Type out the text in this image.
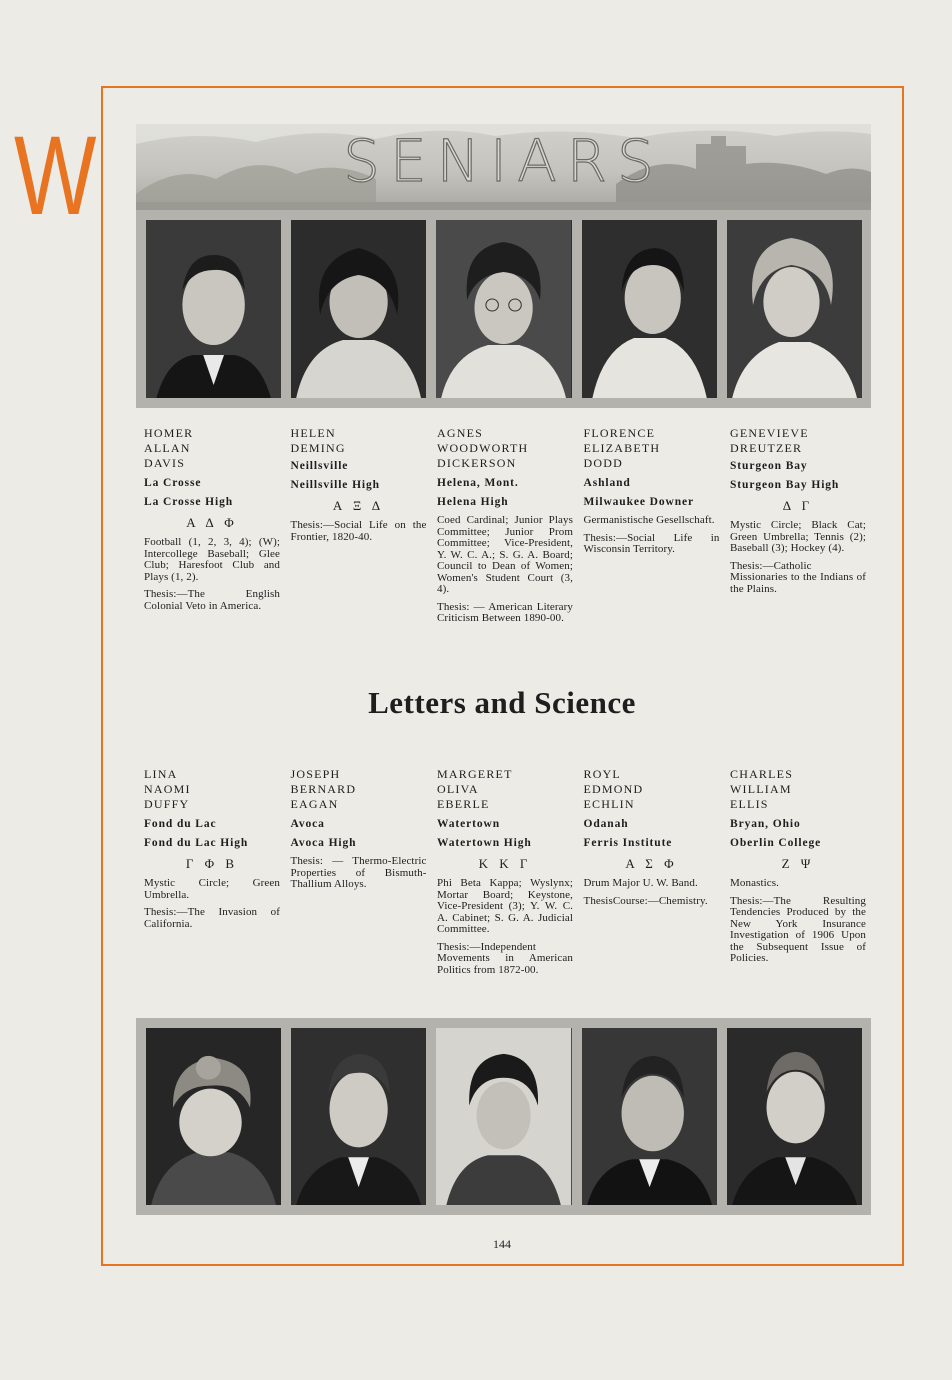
W	SENIARS
HOMER
ALLAN
DAVIS
La Crosse
La Crosse High
Α Δ Φ
Football (1, 2, 3, 4); (W); Intercollege Baseball; Glee Club; Haresfoot Club and Plays (1, 2).
Thesis:—The English Colonial Veto in America.
HELEN
DEMING
Neillsville
Neillsville High
Α Ξ Δ
Thesis:—Social Life on the Frontier, 1820-40.
AGNES
WOODWORTH
DICKERSON
Helena, Mont.
Helena High
Coed Cardinal; Junior Plays Committee; Junior Prom Committee; Vice-President, Y. W. C. A.; S. G. A. Board; Council to Dean of Women; Women's Student Court (3, 4).
Thesis: — American Literary Criticism Between 1890-00.
FLORENCE
ELIZABETH
DODD
Ashland
Milwaukee Downer
Germanistische Gesellschaft.
Thesis:—Social Life in Wisconsin Territory.
GENEVIEVE
DREUTZER
Sturgeon Bay
Sturgeon Bay High
Δ Γ
Mystic Circle; Black Cat; Green Umbrella; Tennis (2); Baseball (3); Hockey (4).
Thesis:—Catholic Missionaries to the Indians of the Plains.
Letters and Science
LINA
NAOMI
DUFFY
Fond du Lac
Fond du Lac High
Γ Φ Β
Mystic Circle; Green Umbrella.
Thesis:—The Invasion of California.
JOSEPH
BERNARD
EAGAN
Avoca
Avoca High
Thesis: — Thermo-Electric Properties of Bismuth-Thallium Alloys.
MARGERET
OLIVA
EBERLE
Watertown
Watertown High
Κ Κ Γ
Phi Beta Kappa; Wyslynx; Mortar Board; Keystone, Vice-President (3); Y. W. C. A. Cabinet; S. G. A. Judicial Committee.
Thesis:—Independent Movements in American Politics from 1872-00.
ROYL
EDMOND
ECHLIN
Odanah
Ferris Institute
Α Σ Φ
Drum Major U. W. Band.
ThesisCourse:—Chemistry.
CHARLES
WILLIAM
ELLIS
Bryan, Ohio
Oberlin College
Ζ Ψ
Monastics.
Thesis:—The Resulting Tendencies Produced by the New York Insurance Investigation of 1906 Upon the Subsequent Issue of Policies.
144
